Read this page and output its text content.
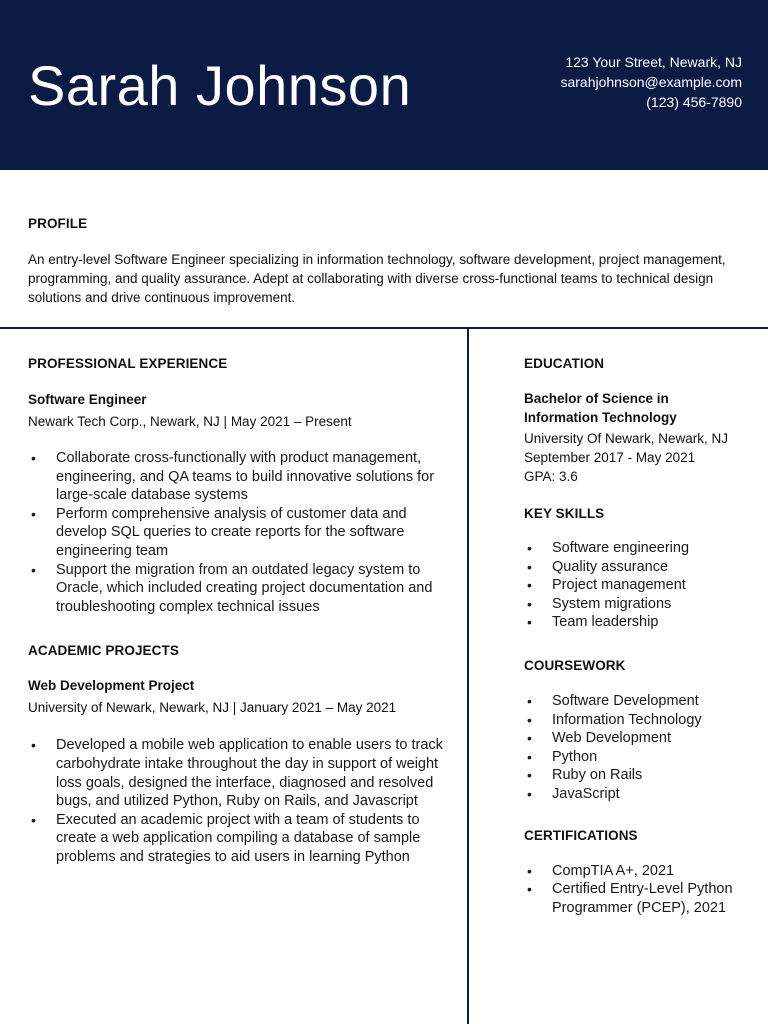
Sarah Johnson	123 Your Street, Newark, NJ
sarahjohnson@example.com
(123) 456-7890
PROFILE

An entry-level Software Engineer specializing in information technology, software development, project management, programming, and quality assurance. Adept at collaborating with diverse cross-functional teams to technical design solutions and drive continuous improvement.

PROFESSIONAL EXPERIENCE

Software Engineer

Newark Tech Corp., Newark, NJ | May 2021 – Present

• Collaborate cross-functionally with product management, engineering, and QA teams to build innovative solutions for large-scale database systems
• Perform comprehensive analysis of customer data and develop SQL queries to create reports for the software engineering team
• Support the migration from an outdated legacy system to Oracle, which included creating project documentation and troubleshooting complex technical issues
ACADEMIC PROJECTS

Web Development Project

University of Newark, Newark, NJ | January 2021 – May 2021

• Developed a mobile web application to enable users to track carbohydrate intake throughout the day in support of weight loss goals, designed the interface, diagnosed and resolved bugs, and utilized Python, Ruby on Rails, and Javascript
• Executed an academic project with a team of students to create a web application compiling a database of sample problems and strategies to aid users in learning Python
EDUCATION

Bachelor of Science in

Information Technology

University Of Newark, Newark, NJ

September 2017 - May 2021

GPA: 3.6

KEY SKILLS
• Software engineering
• Quality assurance
• Project management
• System migrations
• Team leadership
COURSEWORK
• Software Development
• Information Technology
• Web Development
• Python
• Ruby on Rails
• JavaScript
CERTIFICATIONS
• CompTIA A+, 2021
• Certified Entry-Level Python Programmer (PCEP), 2021
